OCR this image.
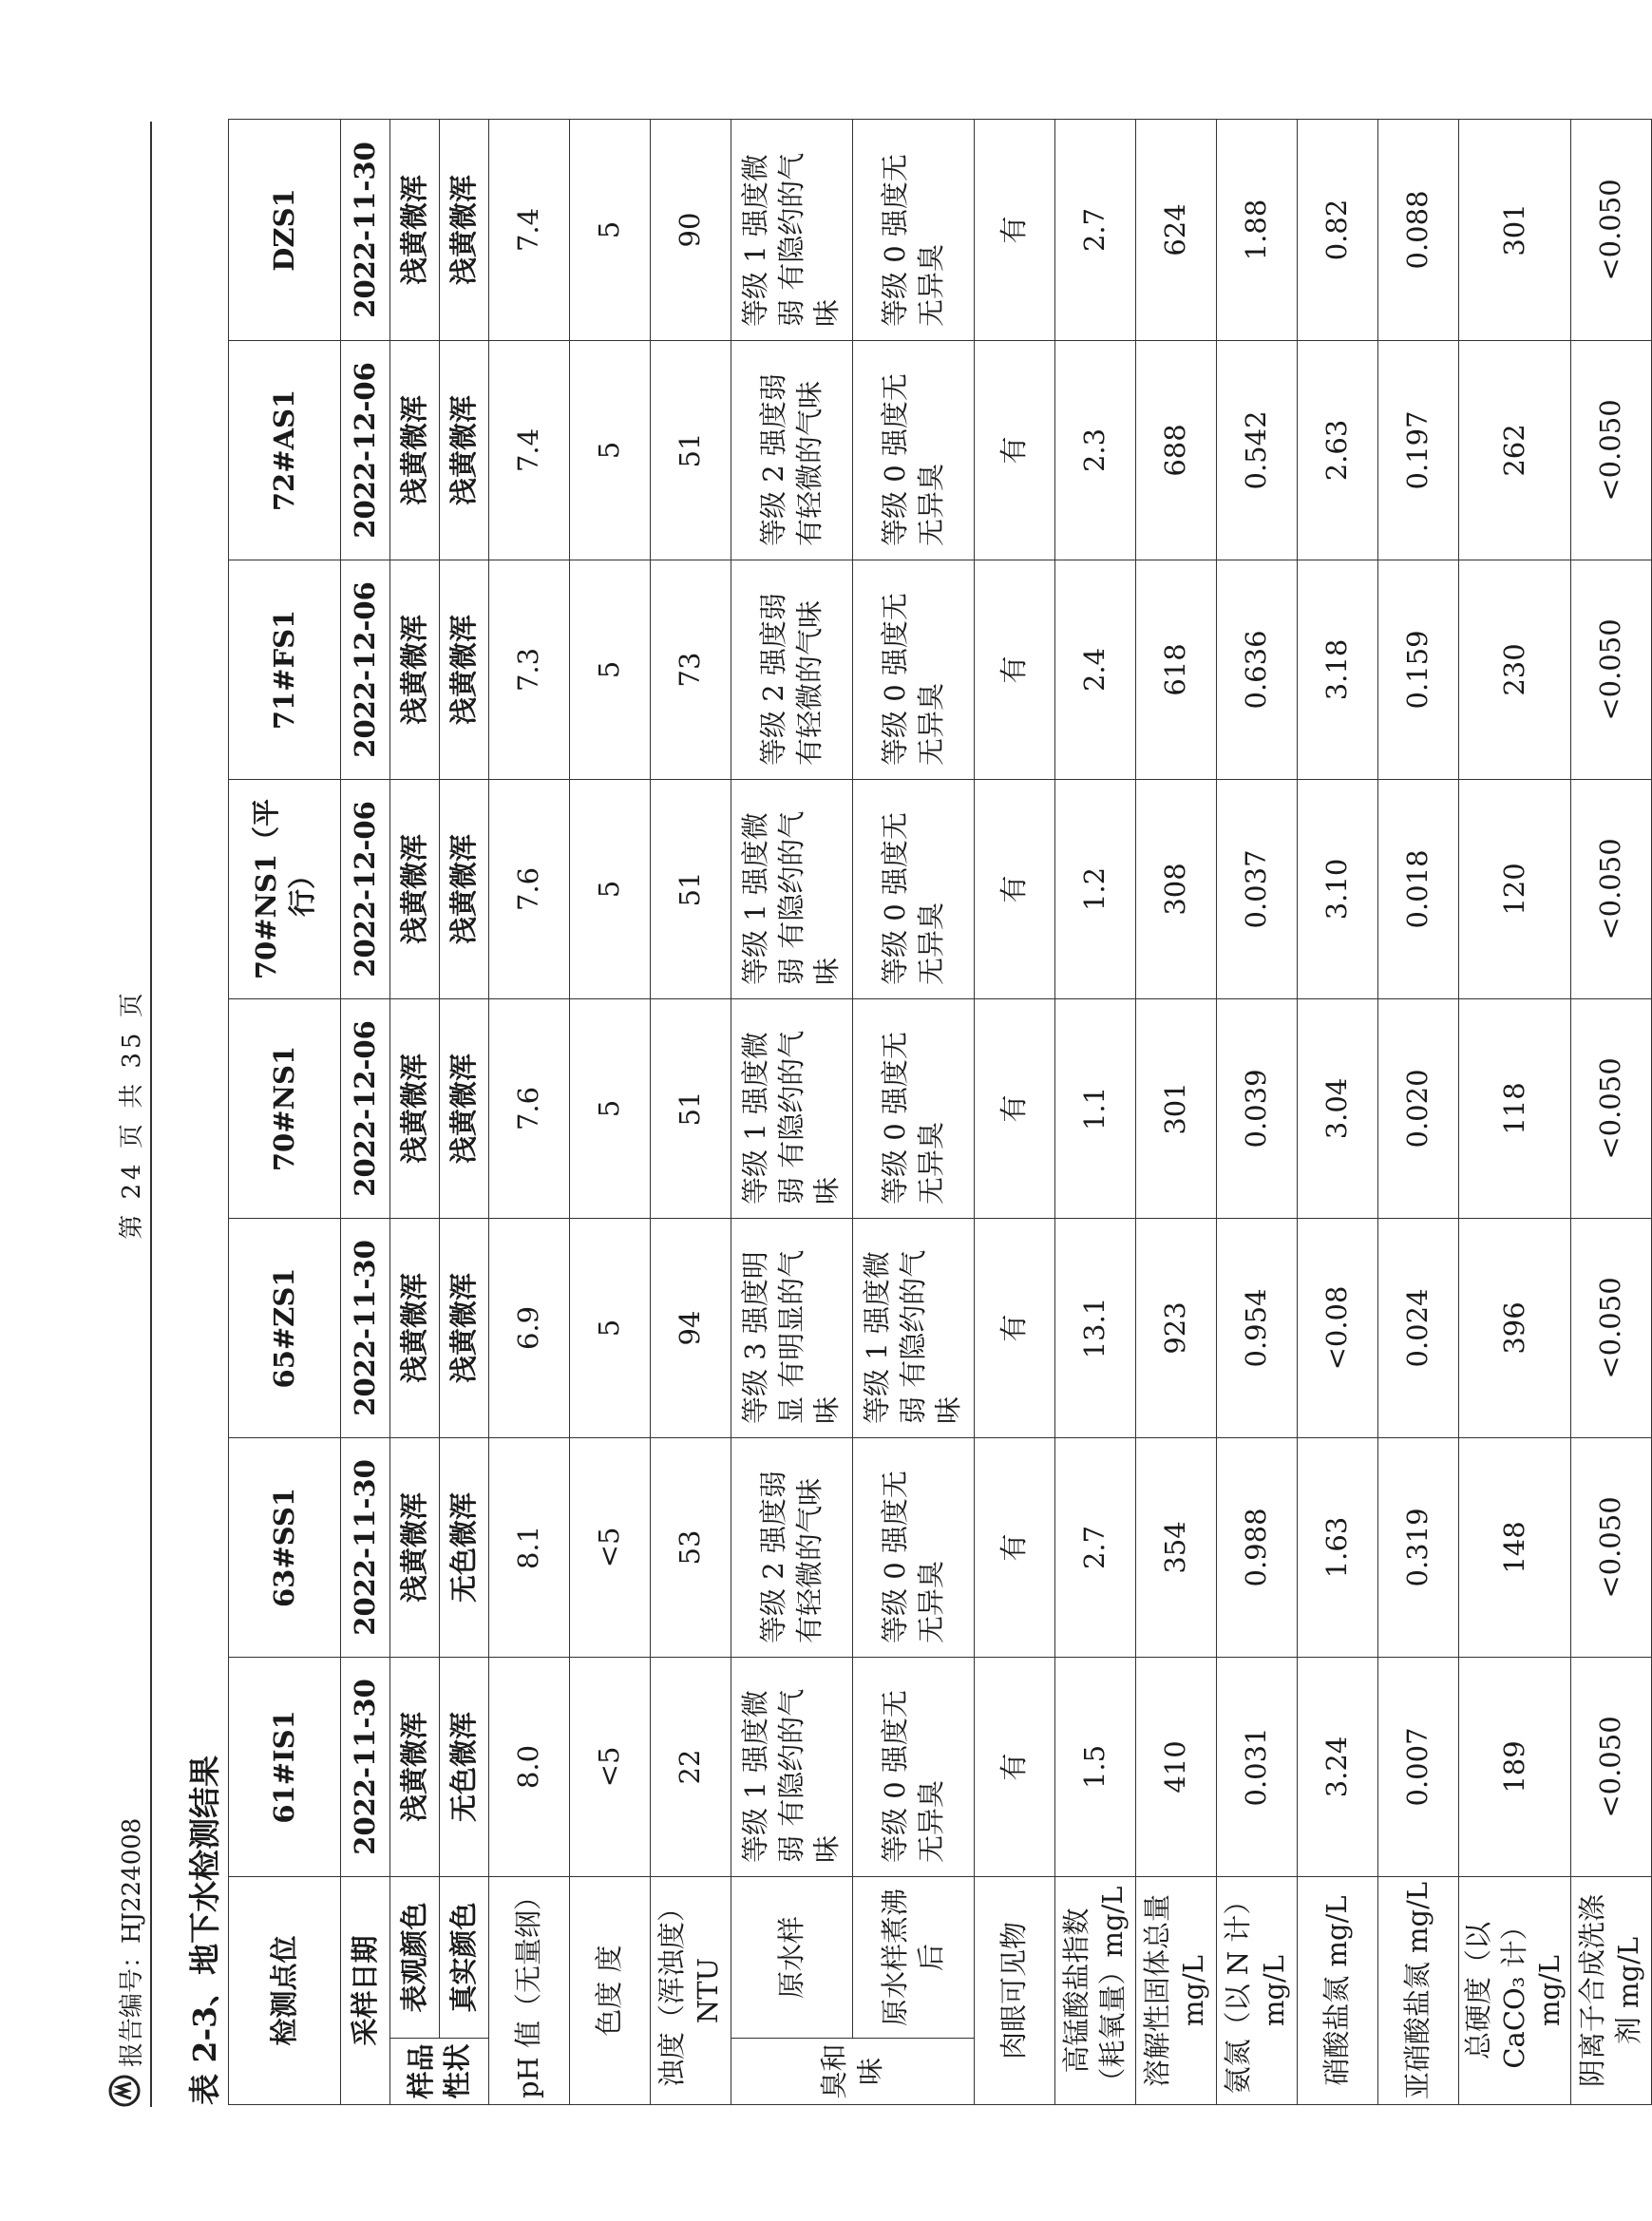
报告编号：HJ224008
第 24 页 共 35 页
表 2-3、地下水检测结果 检测点位		61#IS1	63#SS1	65#ZS1	70#NS1	70#NS1（平行）	71#FS1	72#AS1	DZS1
采样日期		2022-11-30	2022-11-30	2022-11-30	2022-12-06	2022-12-06	2022-12-06	2022-12-06	2022-11-30
样品性状	表观颜色	浅黄微浑	浅黄微浑	浅黄微浑	浅黄微浑	浅黄微浑	浅黄微浑	浅黄微浑	浅黄微浑
	真实颜色	无色微浑	无色微浑	浅黄微浑	浅黄微浑	浅黄微浑	浅黄微浑	浅黄微浑	浅黄微浑
pH 值（无量纲）		8.0	8.1	6.9	7.6	7.6	7.3	7.4	7.4
色度 度		<5	<5	5	5	5	5	5	5
浊度（浑浊度）NTU		22	53	94	51	51	73	51	90
臭和味	原水样	等级 1 强度微弱 有隐约的气味	等级 2 强度弱 有轻微的气味	等级 3 强度明显 有明显的气味	等级 1 强度微弱 有隐约的气味	等级 1 强度微弱 有隐约的气味	等级 2 强度弱 有轻微的气味	等级 2 强度弱 有轻微的气味	等级 1 强度微弱 有隐约的气味
	原水样煮沸后	等级 0 强度无 无异臭	等级 0 强度无 无异臭	等级 1 强度微弱 有隐约的气味	等级 0 强度无 无异臭	等级 0 强度无 无异臭	等级 0 强度无 无异臭	等级 0 强度无 无异臭	等级 0 强度无 无异臭
肉眼可见物		有	有	有	有	有	有	有	有
高锰酸盐指数（耗氧量）mg/L		1.5	2.7	13.1	1.1	1.2	2.4	2.3	2.7
溶解性固体总量 mg/L		410	354	923	301	308	618	688	624
氨氮（以 N 计）mg/L		0.031	0.988	0.954	0.039	0.037	0.636	0.542	1.88
硝酸盐氮 mg/L		3.24	1.63	<0.08	3.04	3.10	3.18	2.63	0.82
亚硝酸盐氮 mg/L		0.007	0.319	0.024	0.020	0.018	0.159	0.197	0.088
总硬度（以 CaCO₃ 计）mg/L		189	148	396	118	120	230	262	301
阴离子合成洗涤剂 mg/L		<0.050	<0.050	<0.050	<0.050	<0.050	<0.050	<0.050	<0.050
